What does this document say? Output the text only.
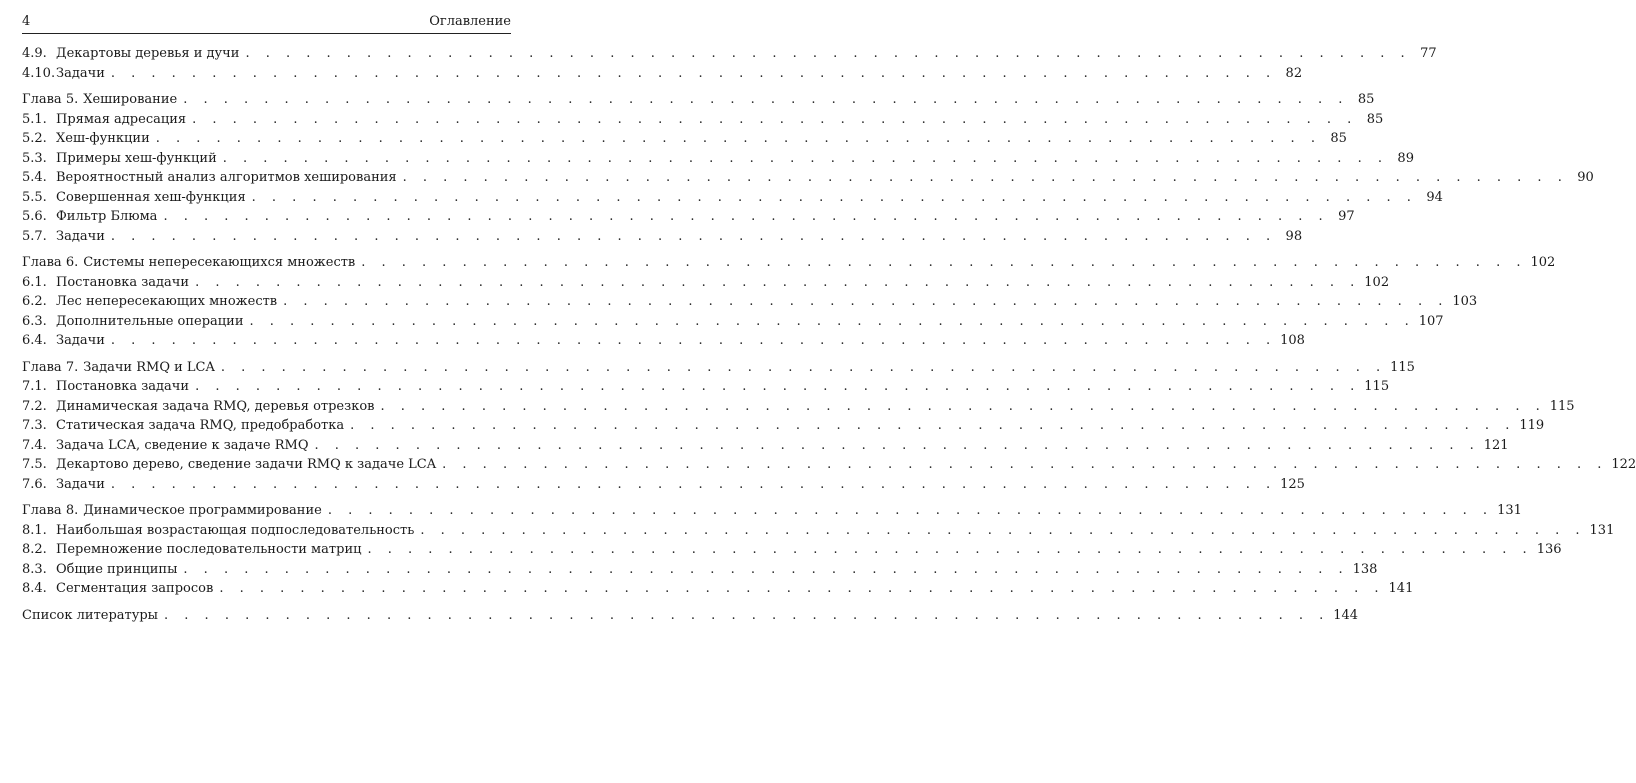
4	Оглавление
4.9. Декартовы деревья и дучи . . . . . . . . . . . . . . . . . . . . . . . . . . . . . . . . . . . . . . . . . . . . . . . . . . . . . . . . . . 77
4.10. Задачи . . . . . . . . . . . . . . . . . . . . . . . . . . . . . . . . . . . . . . . . . . . . . . . . . . . . . . . . . . 82
Глава 5. Хеширование . . . . . . . . . . . . . . . . . . . . . . . . . . . . . . . . . . . . . . . . . . . . . . . . . . . . . . . . . . 85
5.1. Прямая адресация . . . . . . . . . . . . . . . . . . . . . . . . . . . . . . . . . . . . . . . . . . . . . . . . . . . . . . . . . . 85
5.2. Хеш-функции . . . . . . . . . . . . . . . . . . . . . . . . . . . . . . . . . . . . . . . . . . . . . . . . . . . . . . . . . . 85
5.3. Примеры хеш-функций . . . . . . . . . . . . . . . . . . . . . . . . . . . . . . . . . . . . . . . . . . . . . . . . . . . . . . . . . . 89
5.4. Вероятностный анализ алгоритмов хеширования . . . . . . . . . . . . . . . . . . . . . . . . . . . . . . . . . . . . . . . . . . . . . . . . . . . . . . . . . . 90
5.5. Совершенная хеш-функция . . . . . . . . . . . . . . . . . . . . . . . . . . . . . . . . . . . . . . . . . . . . . . . . . . . . . . . . . . 94
5.6. Фильтр Блюма . . . . . . . . . . . . . . . . . . . . . . . . . . . . . . . . . . . . . . . . . . . . . . . . . . . . . . . . . . 97
5.7. Задачи . . . . . . . . . . . . . . . . . . . . . . . . . . . . . . . . . . . . . . . . . . . . . . . . . . . . . . . . . . 98
Глава 6. Системы непересекающихся множеств . . . . . . . . . . . . . . . . . . . . . . . . . . . . . . . . . . . . . . . . . . . . . . . . . . . . . . . . . . 102
6.1. Постановка задачи . . . . . . . . . . . . . . . . . . . . . . . . . . . . . . . . . . . . . . . . . . . . . . . . . . . . . . . . . . 102
6.2. Лес непересекающих множеств . . . . . . . . . . . . . . . . . . . . . . . . . . . . . . . . . . . . . . . . . . . . . . . . . . . . . . . . . . 103
6.3. Дополнительные операции . . . . . . . . . . . . . . . . . . . . . . . . . . . . . . . . . . . . . . . . . . . . . . . . . . . . . . . . . . 107
6.4. Задачи . . . . . . . . . . . . . . . . . . . . . . . . . . . . . . . . . . . . . . . . . . . . . . . . . . . . . . . . . . 108
Глава 7. Задачи RMQ и LCA . . . . . . . . . . . . . . . . . . . . . . . . . . . . . . . . . . . . . . . . . . . . . . . . . . . . . . . . . . 115
7.1. Постановка задачи . . . . . . . . . . . . . . . . . . . . . . . . . . . . . . . . . . . . . . . . . . . . . . . . . . . . . . . . . . 115
7.2. Динамическая задача RMQ, деревья отрезков . . . . . . . . . . . . . . . . . . . . . . . . . . . . . . . . . . . . . . . . . . . . . . . . . . . . . . . . . . 115
7.3. Статическая задача RMQ, предобработка . . . . . . . . . . . . . . . . . . . . . . . . . . . . . . . . . . . . . . . . . . . . . . . . . . . . . . . . . . 119
7.4. Задача LCA, сведение к задаче RMQ . . . . . . . . . . . . . . . . . . . . . . . . . . . . . . . . . . . . . . . . . . . . . . . . . . . . . . . . . . 121
7.5. Декартово дерево, сведение задачи RMQ к задаче LCA . . . . . . . . . . . . . . . . . . . . . . . . . . . . . . . . . . . . . . . . . . . . . . . . . . . . . . . . . . 122
7.6. Задачи . . . . . . . . . . . . . . . . . . . . . . . . . . . . . . . . . . . . . . . . . . . . . . . . . . . . . . . . . . 125
Глава 8. Динамическое программирование . . . . . . . . . . . . . . . . . . . . . . . . . . . . . . . . . . . . . . . . . . . . . . . . . . . . . . . . . . 131
8.1. Наибольшая возрастающая подпоследовательность . . . . . . . . . . . . . . . . . . . . . . . . . . . . . . . . . . . . . . . . . . . . . . . . . . . . . . . . . . 131
8.2. Перемножение последовательности матриц . . . . . . . . . . . . . . . . . . . . . . . . . . . . . . . . . . . . . . . . . . . . . . . . . . . . . . . . . . 136
8.3. Общие принципы . . . . . . . . . . . . . . . . . . . . . . . . . . . . . . . . . . . . . . . . . . . . . . . . . . . . . . . . . . 138
8.4. Сегментация запросов . . . . . . . . . . . . . . . . . . . . . . . . . . . . . . . . . . . . . . . . . . . . . . . . . . . . . . . . . . 141
Список литературы . . . . . . . . . . . . . . . . . . . . . . . . . . . . . . . . . . . . . . . . . . . . . . . . . . . . . . . . . . 144
